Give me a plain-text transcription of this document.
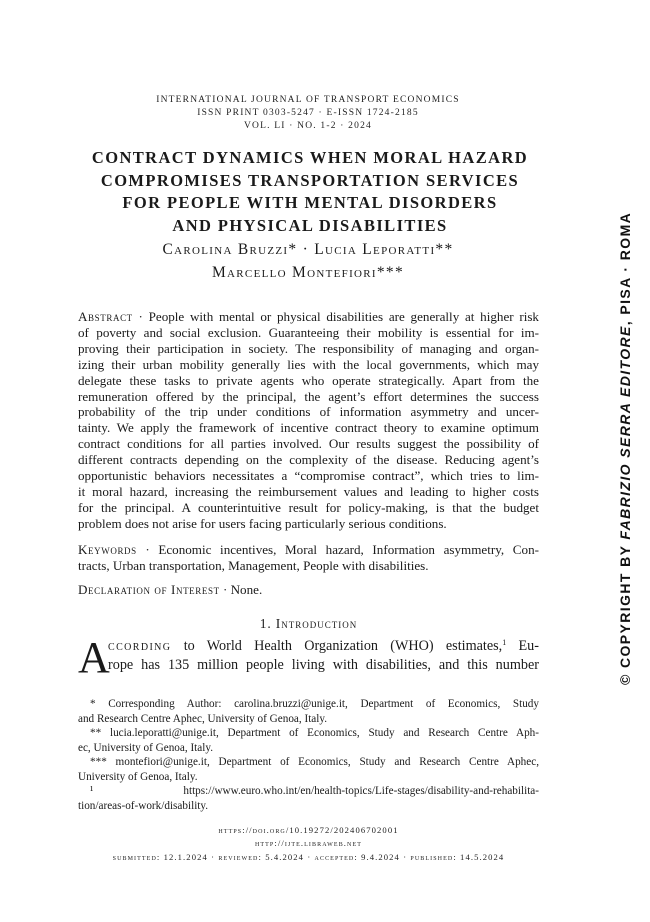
INTERNATIONAL JOURNAL OF TRANSPORT ECONOMICS
ISSN PRINT 0303-5247 · E-ISSN 1724-2185
VOL. LI · NO. 1-2 · 2024
CONTRACT DYNAMICS WHEN MORAL HAZARD
COMPROMISES TRANSPORTATION SERVICES
FOR PEOPLE WITH MENTAL DISORDERS
AND PHYSICAL DISABILITIES
Carolina Bruzzi* · Lucia Leporatti**
Marcello Montefiori***
Abstract · People with mental or physical disabilities are generally at higher risk
of poverty and social exclusion. Guaranteeing their mobility is essential for im-
proving their participation in society. The responsibility of managing and organ-
izing their urban mobility generally lies with the local governments, which may
delegate these tasks to private agents who operate strategically. Apart from the
remuneration offered by the principal, the agent’s effort determines the success
probability of the trip under conditions of information asymmetry and uncer-
tainty. We apply the framework of incentive contract theory to examine optimum
contract conditions for all parties involved. Our results suggest the possibility of
different contracts depending on the complexity of the disease. Reducing agent’s
opportunistic behaviors necessitates a “compromise contract”, which tries to lim-
it moral hazard, increasing the reimbursement values and leading to higher costs
for the principal. A counterintuitive result for policy-making, is that the budget
problem does not arise for users facing particularly serious conditions.
Keywords · Economic incentives, Moral hazard, Information asymmetry, Con-
tracts, Urban transportation, Management, People with disabilities.
Declaration of Interest · None.
1. Introduction
A
ccording to World Health Organization (WHO) estimates,$^1$ Eu-
rope has 135 million people living with disabilities, and this number
* Corresponding Author: carolina.bruzzi@unige.it, Department of Economics, Study
and Research Centre Aphec, University of Genoa, Italy.
** lucia.leporatti@unige.it, Department of Economics, Study and Research Centre Aph-
ec, University of Genoa, Italy.
*** montefiori@unige.it, Department of Economics, Study and Research Centre Aphec,
University of Genoa, Italy.
¹ https://www.euro.who.int/en/health-topics/Life-stages/disability-and-rehabilita-
tion/areas-of-work/disability.
https://doi.org/10.19272/202406702001
http://ijte.libraweb.net
submitted: 12.1.2024 · reviewed: 5.4.2024 · accepted: 9.4.2024 · published: 14.5.2024
© COPYRIGHT BY FABRIZIO SERRA EDITORE, PISA · ROMA
